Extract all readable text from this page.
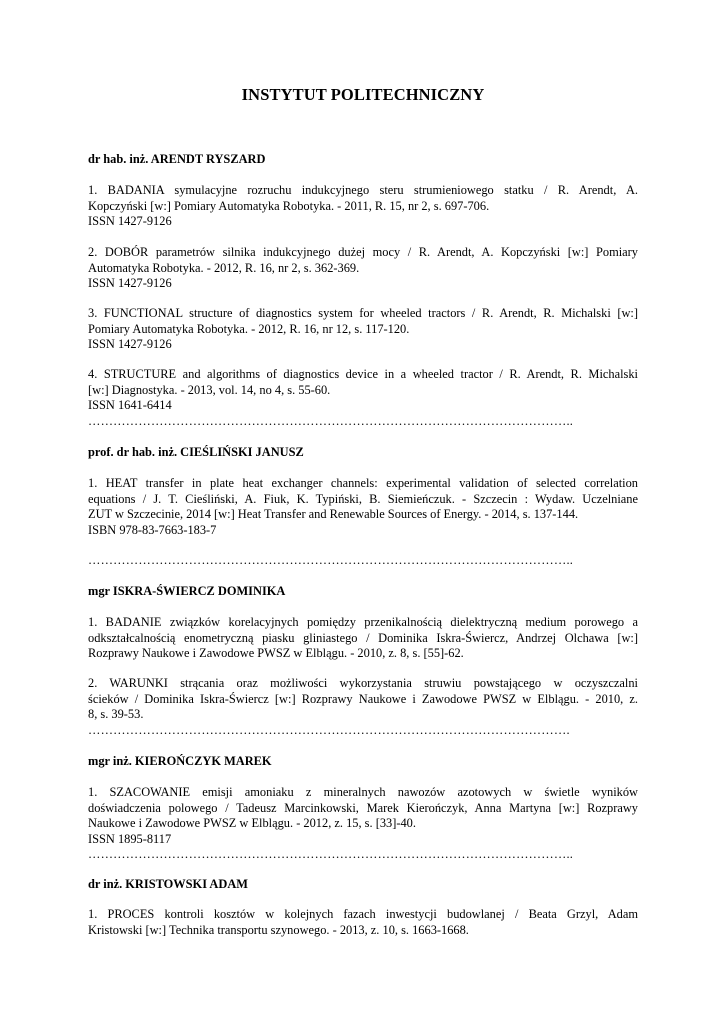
INSTYTUT POLITECHNICZNY
dr hab. inż. ARENDT RYSZARD
1. BADANIA symulacyjne rozruchu indukcyjnego steru strumieniowego statku / R. Arendt, A.
Kopczyński [w:] Pomiary Automatyka Robotyka. - 2011, R. 15, nr 2, s. 697-706.
ISSN 1427-9126
2. DOBÓR parametrów silnika indukcyjnego dużej mocy / R. Arendt, A. Kopczyński [w:] Pomiary
Automatyka Robotyka. - 2012, R. 16, nr 2, s. 362-369.
ISSN 1427-9126
3. FUNCTIONAL structure of diagnostics system for wheeled tractors / R. Arendt, R. Michalski [w:]
Pomiary Automatyka Robotyka. - 2012, R. 16, nr 12, s. 117-120.
ISSN 1427-9126
4. STRUCTURE and algorithms of diagnostics device in a wheeled tractor / R. Arendt, R. Michalski
[w:] Diagnostyka. - 2013, vol. 14, no 4, s. 55-60.
ISSN 1641-6414
……………………………………………………………………………………………………..
prof. dr hab. inż. CIEŚLIŃSKI JANUSZ
1. HEAT transfer in plate heat exchanger channels: experimental validation of selected correlation
equations / J. T. Cieśliński, A. Fiuk, K. Typiński, B. Siemieńczuk. - Szczecin : Wydaw. Uczelniane
ZUT w Szczecinie, 2014 [w:] Heat Transfer and Renewable Sources of Energy. - 2014, s. 137-144.
ISBN 978-83-7663-183-7
……………………………………………………………………………………………………..
mgr ISKRA-ŚWIERCZ DOMINIKA
1. BADANIE związków korelacyjnych pomiędzy przenikalnością dielektryczną medium porowego a
odkształcalnością enometryczną piasku gliniastego / Dominika Iskra-Świercz, Andrzej Olchawa [w:]
Rozprawy Naukowe i Zawodowe PWSZ w Elblągu. - 2010, z. 8, s. [55]-62.
2. WARUNKI strącania oraz możliwości wykorzystania struwiu powstającego w oczyszczalni
ścieków / Dominika Iskra-Świercz [w:] Rozprawy Naukowe i Zawodowe PWSZ w Elblągu. - 2010, z.
8, s. 39-53.
…………………………………………………………………………………………………….
mgr inż. KIEROŃCZYK MAREK
1. SZACOWANIE emisji amoniaku z mineralnych nawozów azotowych w świetle wyników
doświadczenia polowego / Tadeusz Marcinkowski, Marek Kierończyk, Anna Martyna [w:] Rozprawy
Naukowe i Zawodowe PWSZ w Elblągu. - 2012, z. 15, s. [33]-40.
ISSN 1895-8117
……………………………………………………………………………………………………..
dr inż. KRISTOWSKI ADAM
1. PROCES kontroli kosztów w kolejnych fazach inwestycji budowlanej / Beata Grzyl, Adam
Kristowski [w:] Technika transportu szynowego. - 2013, z. 10, s. 1663-1668.
